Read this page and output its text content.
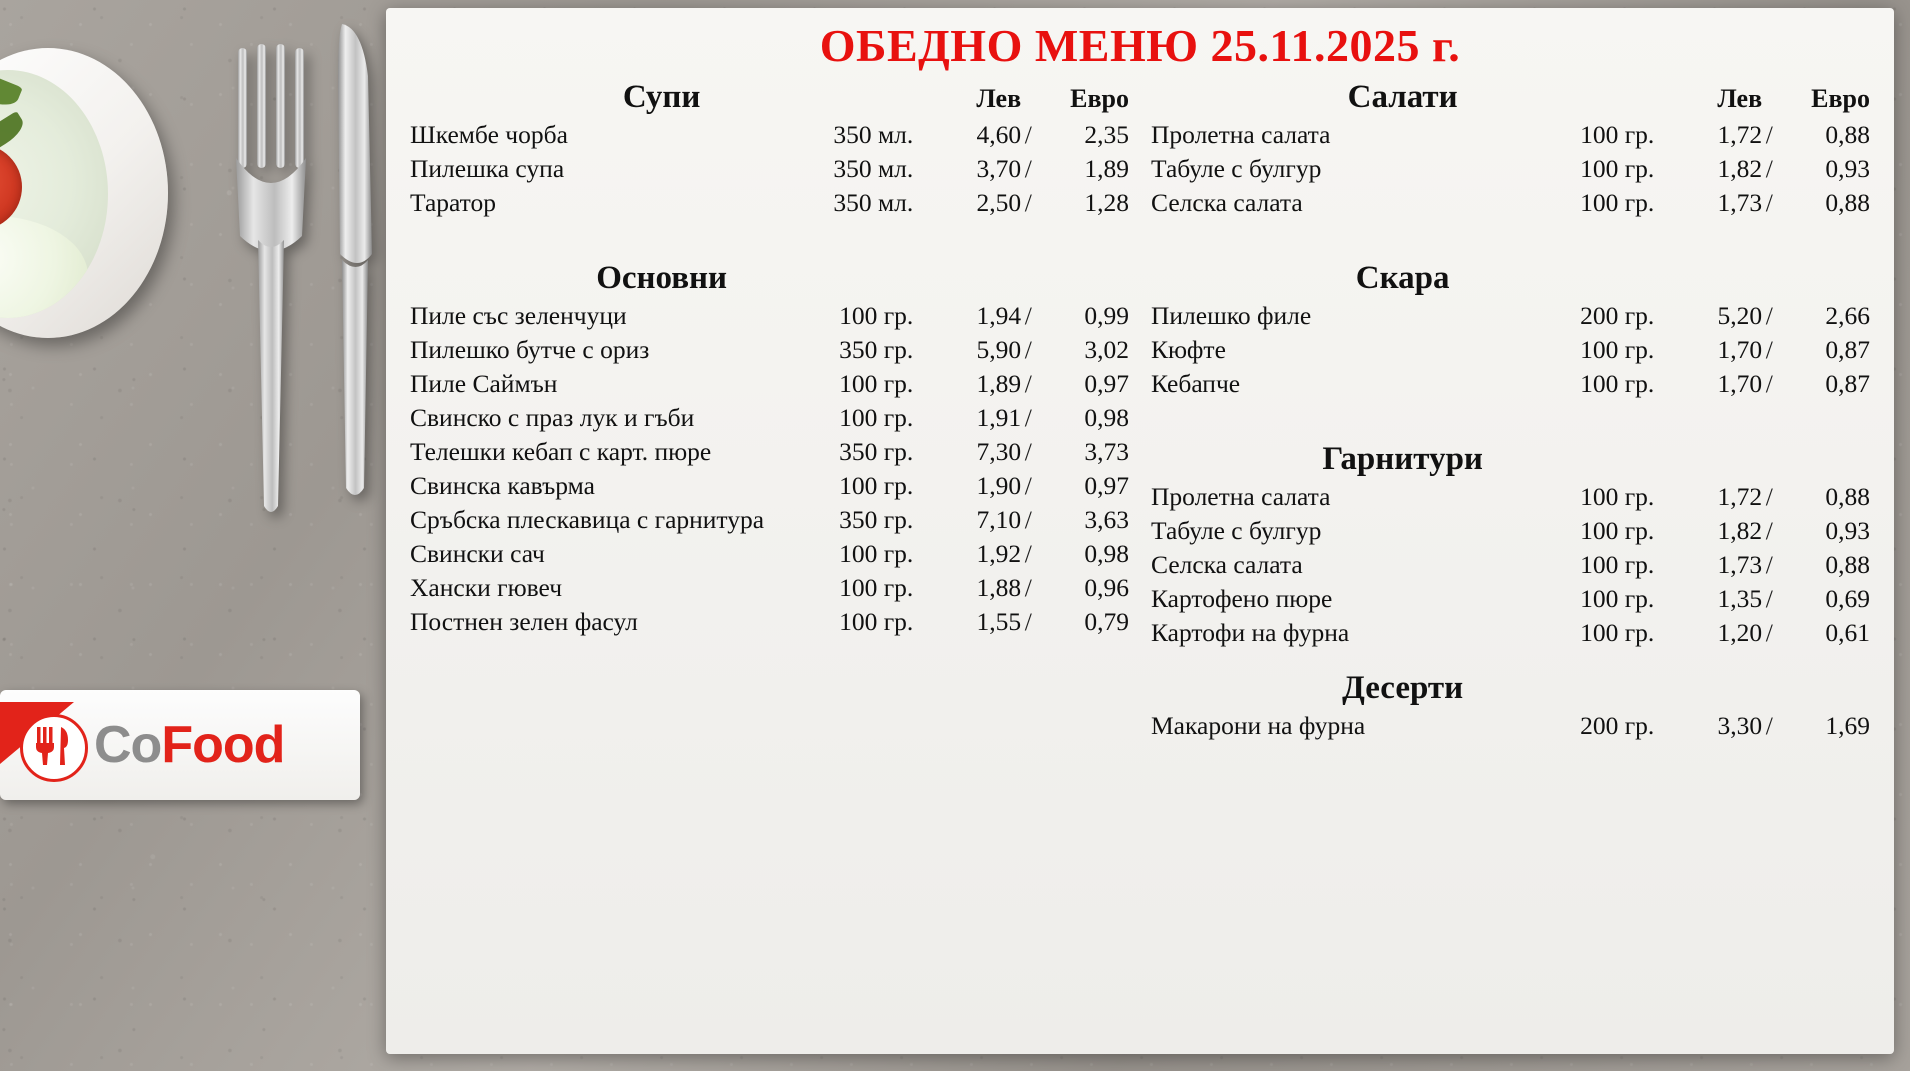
CoFood
ОБЕДНО МЕНЮ 25.11.2025 г.
Супи		Лев		Евро
Шкембе чорба	350 мл.	4,60	/	2,35
Пилешка супа	350 мл.	3,70	/	1,89
Таратор	350 мл.	2,50	/	1,28

Основни				
Пиле със зеленчуци	100 гр.	1,94	/	0,99
Пилешко бутче с ориз	350 гр.	5,90	/	3,02
Пиле Саймън	100 гр.	1,89	/	0,97
Свинско с праз лук и гъби	100 гр.	1,91	/	0,98
Телешки кебап с карт. пюре	350 гр.	7,30	/	3,73
Свинска кавърма	100 гр.	1,90	/	0,97
Сръбска плескавица с гарнитура	350 гр.	7,10	/	3,63
Свински сач	100 гр.	1,92	/	0,98
Хански гювеч	100 гр.	1,88	/	0,96
Постнен зелен фасул	100 гр.	1,55	/	0,79
Салати		Лев		Евро
Пролетна салата	100 гр.	1,72	/	0,88
Табуле с булгур	100 гр.	1,82	/	0,93
Селска салата	100 гр.	1,73	/	0,88

Скара				
Пилешко филе	200 гр.	5,20	/	2,66
Кюфте	100 гр.	1,70	/	0,87
Кебапче	100 гр.	1,70	/	0,87

Гарнитури				
Пролетна салата	100 гр.	1,72	/	0,88
Табуле с булгур	100 гр.	1,82	/	0,93
Селска салата	100 гр.	1,73	/	0,88
Картофено пюре	100 гр.	1,35	/	0,69
Картофи на фурна	100 гр.	1,20	/	0,61

Десерти				
Макарони на фурна	200 гр.	3,30	/	1,69
